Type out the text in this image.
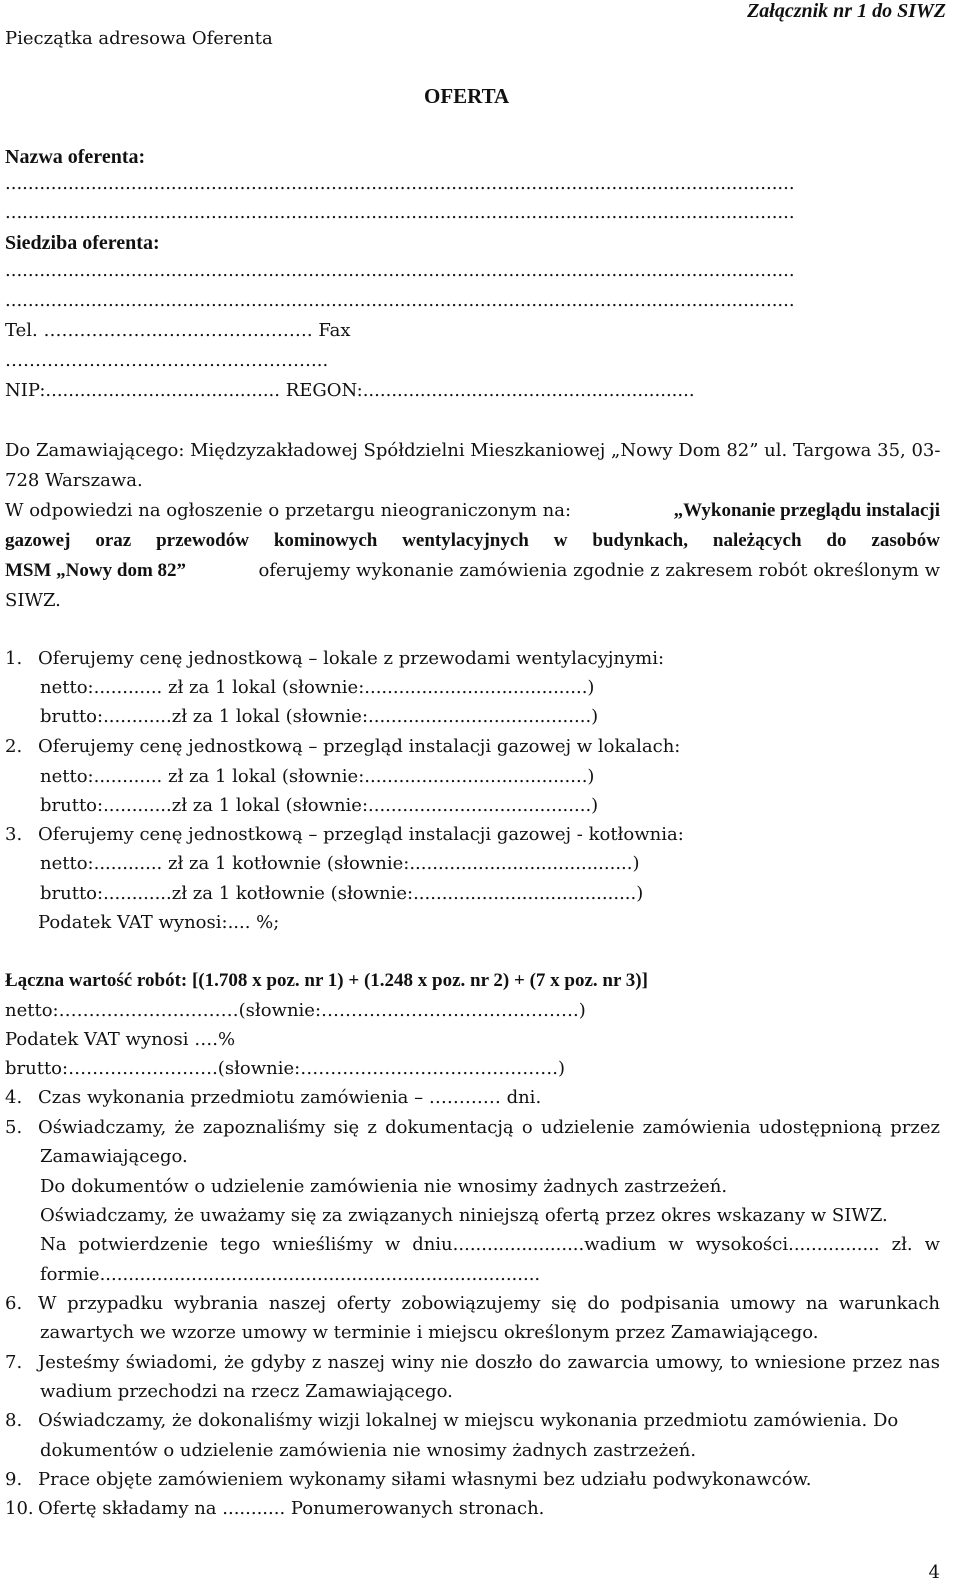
Pieczątka adresowa Oferenta
Załącznik nr 1 do SIWZ
OFERTA
Nazwa oferenta:
..........................................................................................................................................
..........................................................................................................................................
Siedziba oferenta:
..........................................................................................................................................
..........................................................................................................................................
Tel. ………………..……………………. Fax
……………………………………………...
NIP:......................................... REGON:..........................................................
Do Zamawiającego: Międzyzakładowej Spółdzielni Mieszkaniowej „Nowy Dom 82” ul. Targowa 35, 03-
728 Warszawa.
W odpowiedzi na ogłoszenie o przetargu nieograniczonym na:	„Wykonanie przeglądu instalacji
gazowej oraz przewodów kominowych wentylacyjnych w budynkach, należących do zasobów
MSM „Nowy dom 82”	oferujemy wykonanie zamówienia zgodnie z zakresem robót określonym w
SIWZ.
1. Oferujemy cenę jednostkową – lokale z przewodami wentylacyjnymi:
netto:............ zł za 1 lokal (słownie:.......................................)
brutto:............zł za 1 lokal (słownie:.......................................)
2. Oferujemy cenę jednostkową – przegląd instalacji gazowej w lokalach:
netto:............ zł za 1 lokal (słownie:.......................................)
brutto:............zł za 1 lokal (słownie:.......................................)
3. Oferujemy cenę jednostkową – przegląd instalacji gazowej - kotłownia:
netto:............ zł za 1 kotłownie (słownie:.......................................)
brutto:............zł za 1 kotłownie (słownie:.......................................)
Podatek VAT wynosi:.... %;
Łączna wartość robót: [(1.708 x poz. nr 1) + (1.248 x poz. nr 2) + (7 x poz. nr 3)]
netto:…………………………(słownie:…………………………………….)
Podatek VAT wynosi ….%
brutto:…………………….(słownie:…………………………………….)
4. Czas wykonania przedmiotu zamówienia – ………… dni.
5. Oświadczamy, że zapoznaliśmy się z dokumentacją o udzielenie zamówienia udostępnioną przez
Zamawiającego.
Do dokumentów o udzielenie zamówienia nie wnosimy żadnych zastrzeżeń.
Oświadczamy, że uważamy się za związanych niniejszą ofertą przez okres wskazany w SIWZ.
Na potwierdzenie tego wnieśliśmy w dniu.......................wadium w wysokości................ zł. w
formie.............................................................................
6. W przypadku wybrania naszej oferty zobowiązujemy się do podpisania umowy na warunkach
zawartych we wzorze umowy w terminie i miejscu określonym przez Zamawiającego.
7. Jesteśmy świadomi, że gdyby z naszej winy nie doszło do zawarcia umowy, to wniesione przez nas
wadium przechodzi na rzecz Zamawiającego.
8. Oświadczamy, że dokonaliśmy wizji lokalnej w miejscu wykonania przedmiotu zamówienia. Do
dokumentów o udzielenie zamówienia nie wnosimy żadnych zastrzeżeń.
9. Prace objęte zamówieniem wykonamy siłami własnymi bez udziału podwykonawców.
10. Ofertę składamy na ........... Ponumerowanych stronach.
4
